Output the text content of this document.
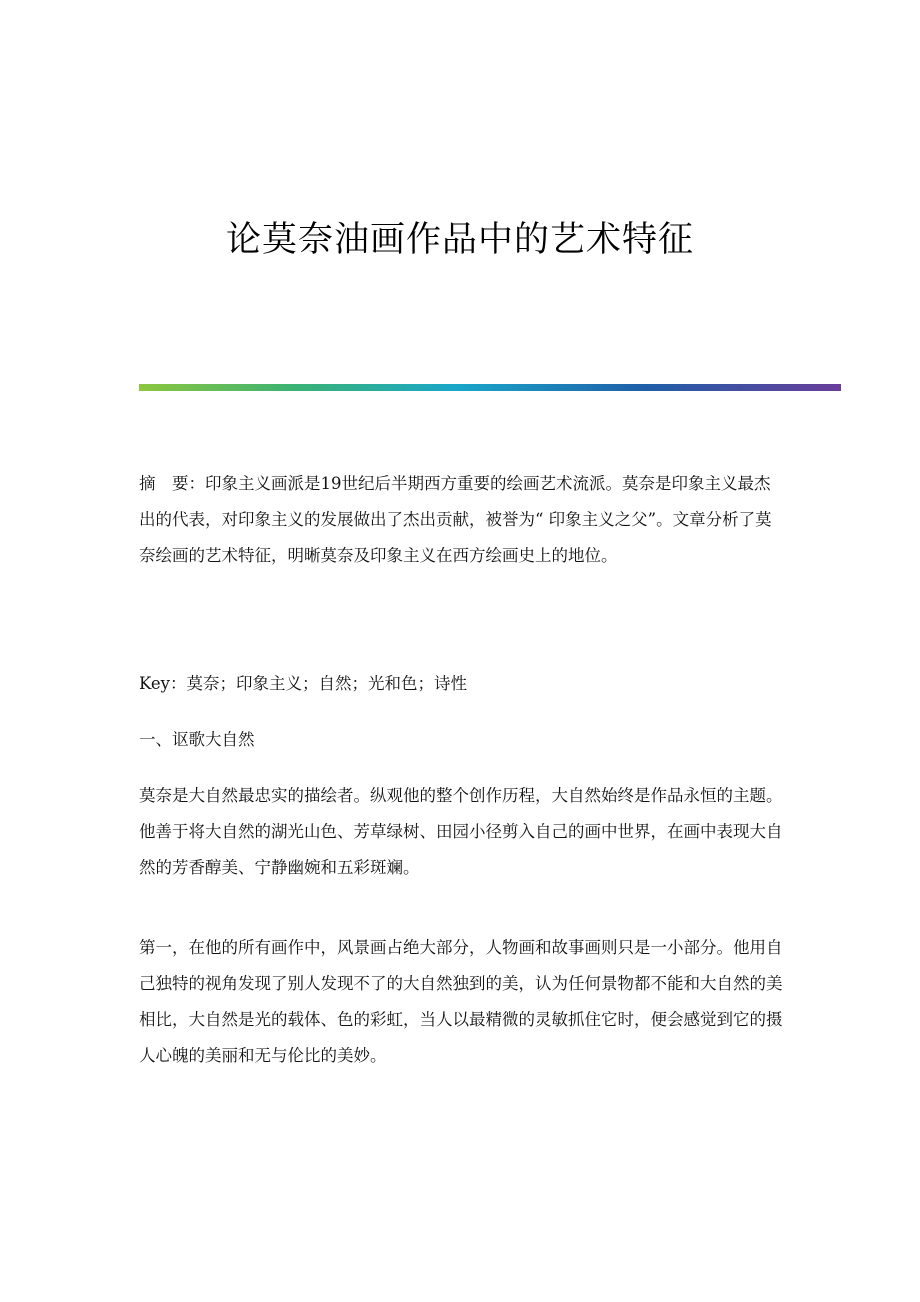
论莫奈油画作品中的艺术特征
摘　要：印象主义画派是19世纪后半期西方重要的绘画艺术流派。莫奈是印象主义最杰出的代表，对印象主义的发展做出了杰出贡献，被誉为“ 印象主义之父”。文章分析了莫奈绘画的艺术特征，明晰莫奈及印象主义在西方绘画史上的地位。
Key：莫奈；印象主义；自然；光和色；诗性
一、讴歌大自然
莫奈是大自然最忠实的描绘者。纵观他的整个创作历程，大自然始终是作品永恒的主题。他善于将大自然的湖光山色、芳草绿树、田园小径剪入自己的画中世界，在画中表现大自然的芳香醇美、宁静幽婉和五彩斑斓。
第一，在他的所有画作中，风景画占绝大部分，人物画和故事画则只是一小部分。他用自己独特的视角发现了别人发现不了的大自然独到的美，认为任何景物都不能和大自然的美相比，大自然是光的载体、色的彩虹，当人以最精微的灵敏抓住它时，便会感觉到它的摄人心魄的美丽和无与伦比的美妙。
